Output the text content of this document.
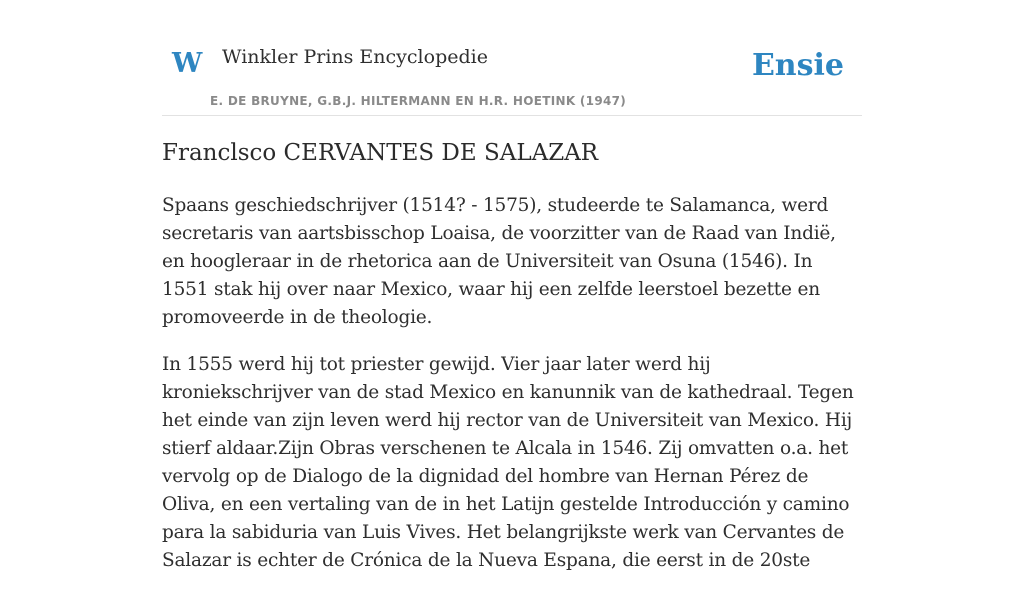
W Winkler Prins Encyclopedie
E. DE BRUYNE, G.B.J. HILTERMANN EN H.R. HOETINK (1947)
Ensie
Franclsco CERVANTES DE SALAZAR

Spaans geschiedschrijver (1514? - 1575), studeerde te Salamanca, werd secretaris van aartsbisschop Loaisa, de voorzitter van de Raad van Indië, en hoogleraar in de rhetorica aan de Universiteit van Osuna (1546). In 1551 stak hij over naar Mexico, waar hij een zelfde leerstoel bezette en promoveerde in de theologie.

In 1555 werd hij tot priester gewijd. Vier jaar later werd hij kroniekschrijver van de stad Mexico en kanunnik van de kathedraal. Tegen het einde van zijn leven werd hij rector van de Universiteit van Mexico. Hij stierf aldaar.Zijn Obras verschenen te Alcala in 1546. Zij omvatten o.a. het vervolg op de Dialogo de la dignidad del hombre van Hernan Pérez de Oliva, en een vertaling van de in het Latijn gestelde Introducción y camino para la sabiduria van Luis Vives. Het belangrijkste werk van Cervantes de Salazar is echter de Crónica de la Nueva Espana, die eerst in de 20ste
